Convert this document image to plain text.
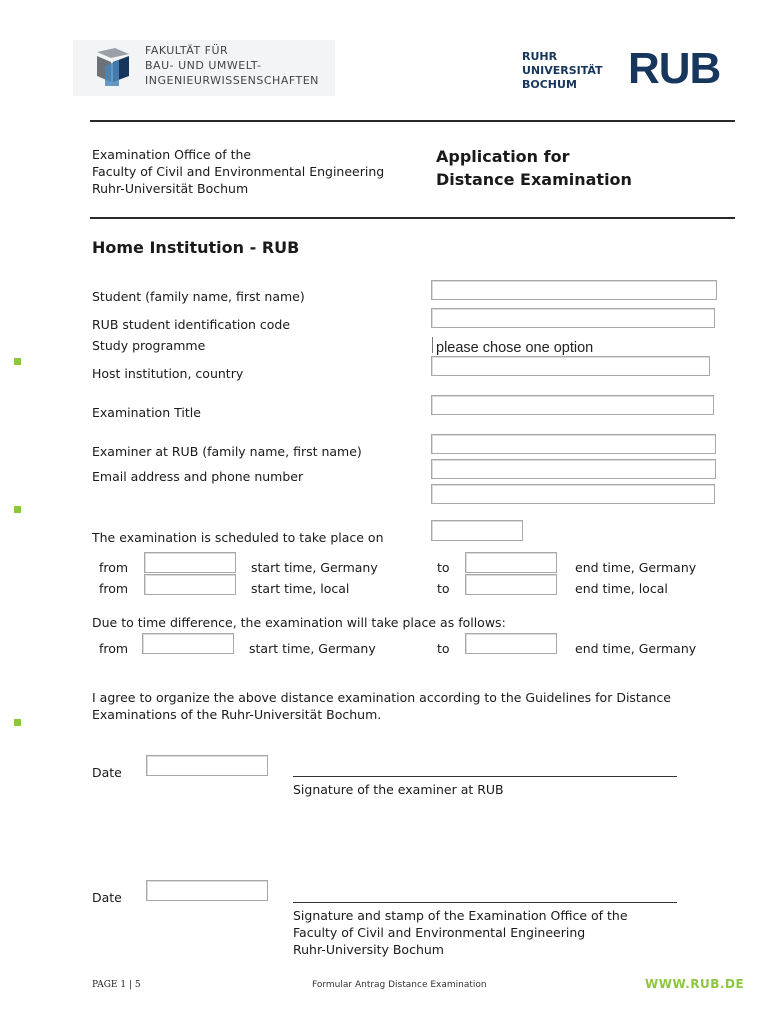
FAKULTÄT FÜR
BAU- UND UMWELT-
INGENIEURWISSENSCHAFTEN
RUHR
UNIVERSITÄT
BOCHUM RUB
Examination Office of the
Faculty of Civil and Environmental Engineering
Ruhr-Universität Bochum
Application for
Distance Examination
Home Institution - RUB
Student (family name, first name)
RUB student identification code
Study programme	please chose one option
Host institution, country
Examination Title
Examiner at RUB (family name, first name)
Email address and phone number
The examination is scheduled to take place on
from	start time, Germany	to	end time, Germany
from	start time, local	to	end time, local
Due to time difference, the examination will take place as follows:
from	start time, Germany	to	end time, Germany
I agree to organize the above distance examination according to the Guidelines for Distance
Examinations of the Ruhr-Universität Bochum.
Date
Signature of the examiner at RUB
Date
Signature and stamp of the Examination Office of the
Faculty of Civil and Environmental Engineering
Ruhr-University Bochum
PAGE 1 | 5	Formular Antrag Distance Examination	WWW.RUB.DE
